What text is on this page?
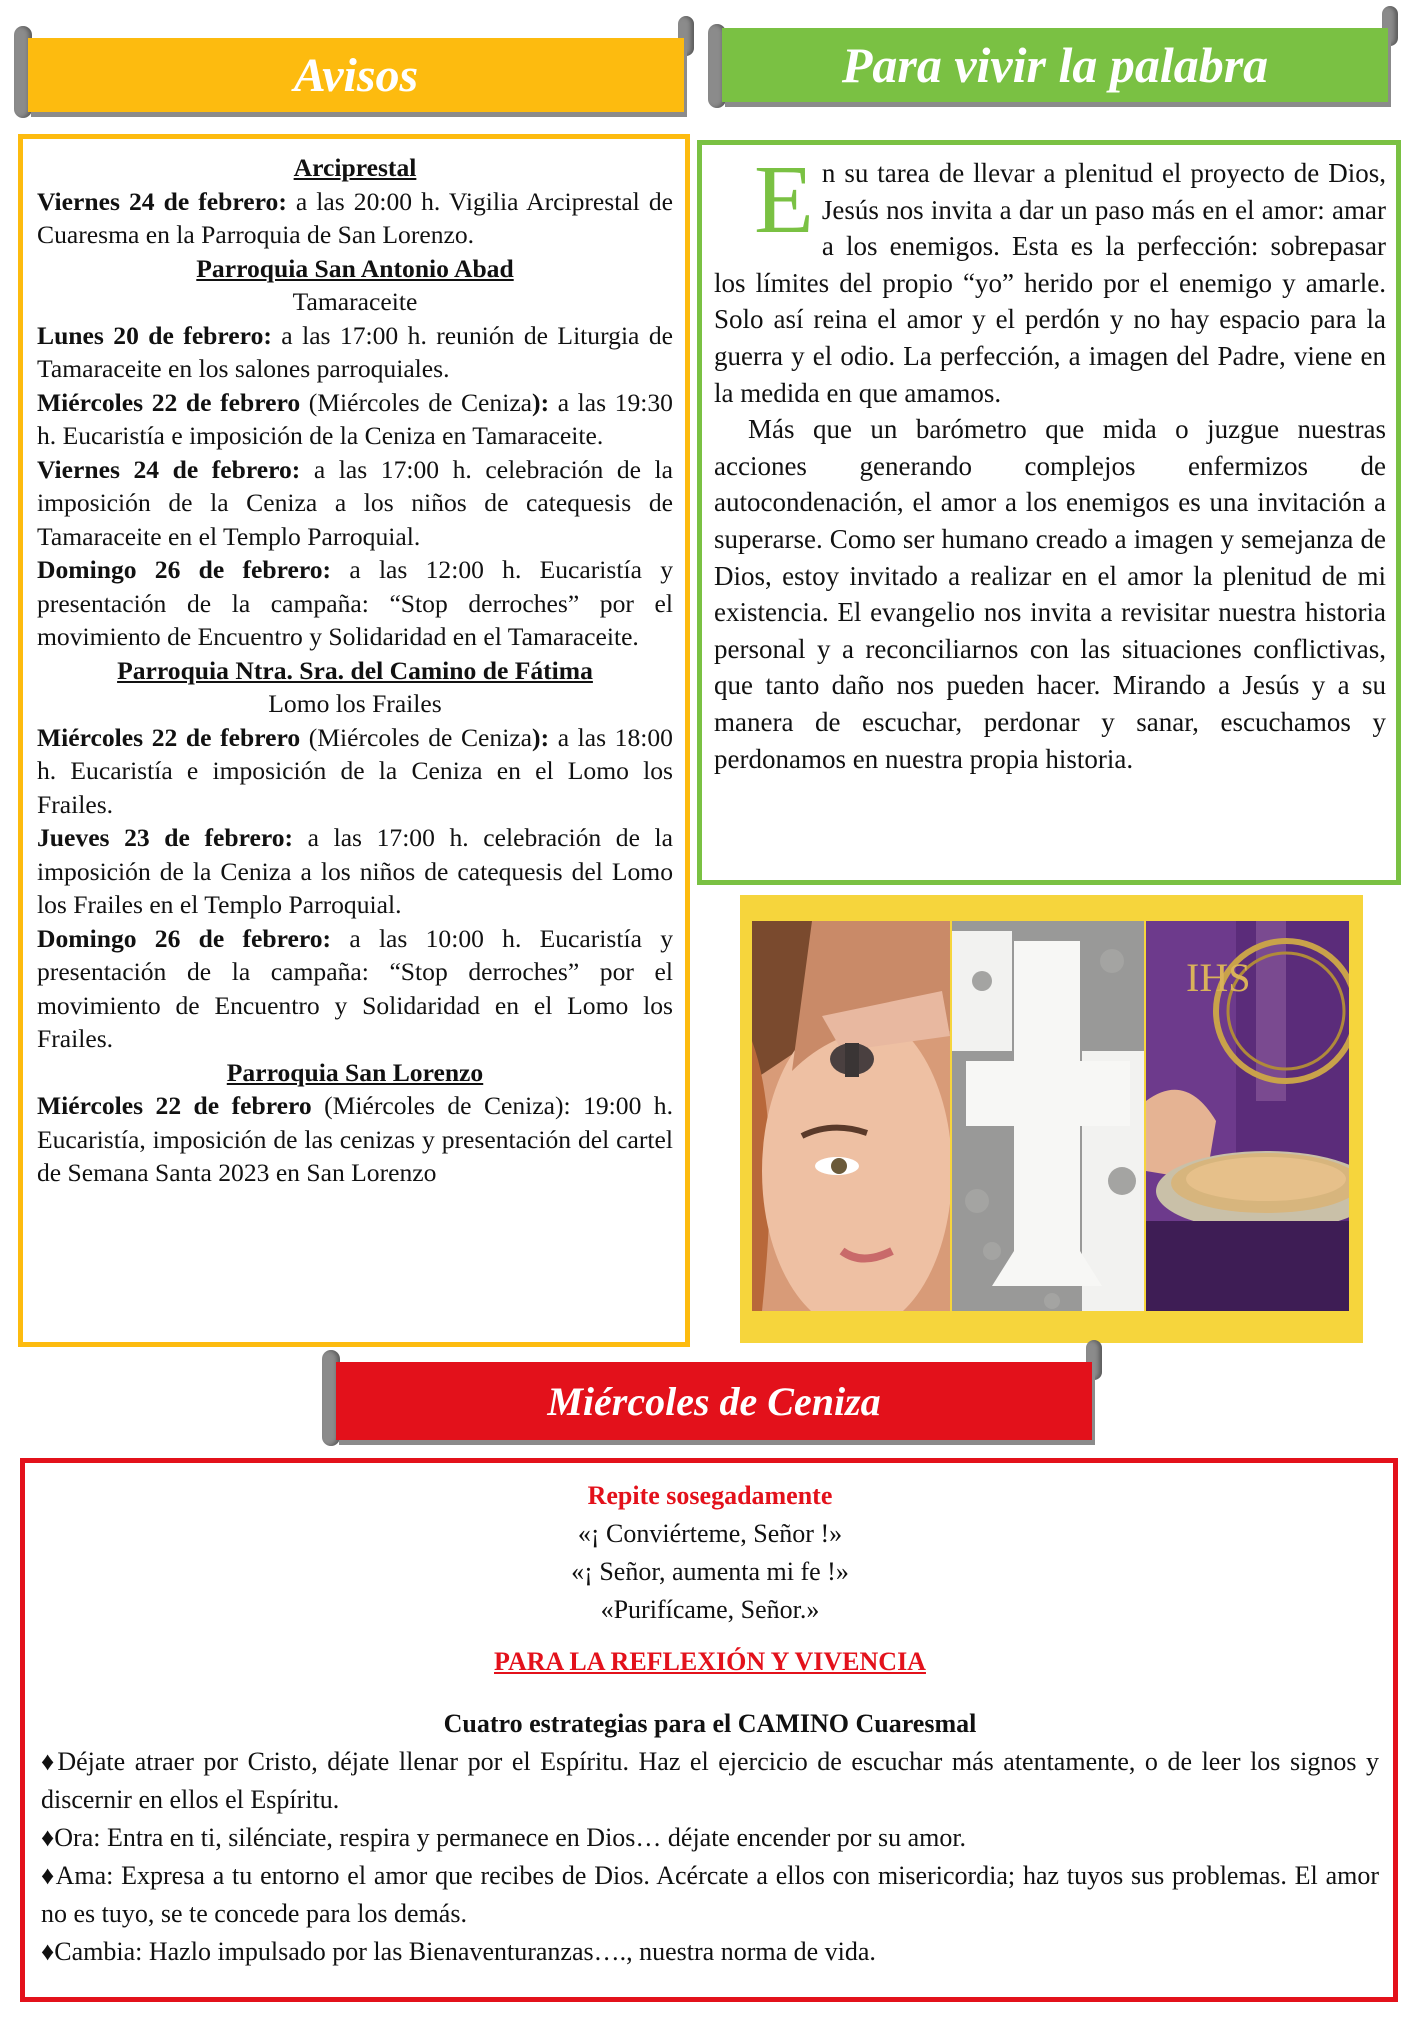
Avisos

Arciprestal

Viernes 24 de febrero: a las 20:00 h. Vigilia Arciprestal de Cuaresma en la Parroquia de San Lorenzo.

Parroquia San Antonio Abad

Tamaraceite

Lunes 20 de febrero: a las 17:00 h. reunión de Liturgia de Tamaraceite en los salones parroquiales.

Miércoles 22 de febrero (Miércoles de Ceniza): a las 19:30 h. Eucaristía e imposición de la Ceniza en Tamaraceite.

Viernes 24 de febrero: a las 17:00 h. celebración de la imposición de la Ceniza a los niños de catequesis de Tamaraceite en el Templo Parroquial.

Domingo 26 de febrero: a las 12:00 h. Eucaristía y presentación de la campaña: “Stop derroches” por el movimiento de Encuentro y Solidaridad en el Tamaraceite.

Parroquia Ntra. Sra. del Camino de Fátima

Lomo los Frailes

Miércoles 22 de febrero (Miércoles de Ceniza): a las 18:00 h. Eucaristía e imposición de la Ceniza en el Lomo los Frailes.

Jueves 23 de febrero: a las 17:00 h. celebración de la imposición de la Ceniza a los niños de catequesis del Lomo los Frailes en el Templo Parroquial.

Domingo 26 de febrero: a las 10:00 h. Eucaristía y presentación de la campaña: “Stop derroches” por el movimiento de Encuentro y Solidaridad en el Lomo los Frailes.

Parroquia San Lorenzo

Miércoles 22 de febrero (Miércoles de Ceniza): 19:00 h. Eucaristía, imposición de las cenizas y presentación del cartel de Semana Santa 2023 en San Lorenzo

Para vivir la palabra

En su tarea de llevar a plenitud el proyecto de Dios, Jesús nos invita a dar un paso más en el amor: amar a los enemigos. Esta es la perfección: sobrepasar los límites del propio “yo” herido por el enemigo y amarle. Solo así reina el amor y el perdón y no hay espacio para la guerra y el odio. La perfección, a imagen del Padre, viene en la medida en que amamos.

Más que un barómetro que mida o juzgue nuestras acciones generando complejos enfermizos de autocondenación, el amor a los enemigos es una invitación a superarse. Como ser humano creado a imagen y semejanza de Dios, estoy invitado a realizar en el amor la plenitud de mi existencia. El evangelio nos invita a revisitar nuestra historia personal y a reconciliarnos con las situaciones conflictivas, que tanto daño nos pueden hacer. Mirando a Jesús y a su manera de escuchar, perdonar y sanar, escuchamos y perdonamos en nuestra propia historia.

IHS
Miércoles de Ceniza

Repite sosegadamente

«¡ Conviérteme, Señor !»

«¡ Señor, aumenta mi fe !»

«Purifícame, Señor.»

PARA LA REFLEXIÓN Y VIVENCIA

Cuatro estrategias para el CAMINO Cuaresmal

♦Déjate atraer por Cristo, déjate llenar por el Espíritu. Haz el ejercicio de escuchar más atentamente, o de leer los signos y discernir en ellos el Espíritu.

♦Ora: Entra en ti, silénciate, respira y permanece en Dios… déjate encender por su amor.

♦Ama: Expresa a tu entorno el amor que recibes de Dios. Acércate a ellos con misericordia; haz tuyos sus problemas. El amor no es tuyo, se te concede para los demás.

♦Cambia: Hazlo impulsado por las Bienaventuranzas…., nuestra norma de vida.
